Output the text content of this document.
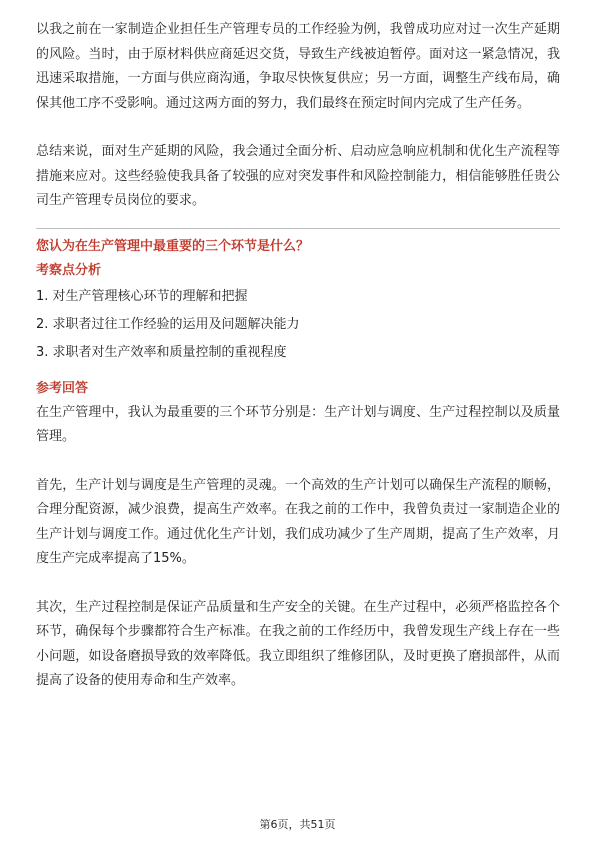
以我之前在一家制造企业担任生产管理专员的工作经验为例，我曾成功应对过一次生产延期的风险。当时，由于原材料供应商延迟交货，导致生产线被迫暂停。面对这一紧急情况，我迅速采取措施，一方面与供应商沟通，争取尽快恢复供应；另一方面，调整生产线布局，确保其他工序不受影响。通过这两方面的努力，我们最终在预定时间内完成了生产任务。

总结来说，面对生产延期的风险，我会通过全面分析、启动应急响应机制和优化生产流程等措施来应对。这些经验使我具备了较强的应对突发事件和风险控制能力，相信能够胜任贵公司生产管理专员岗位的要求。

您认为在生产管理中最重要的三个环节是什么？

考察点分析

1. 对生产管理核心环节的理解和把握
2. 求职者过往工作经验的运用及问题解决能力
3. 求职者对生产效率和质量控制的重视程度

参考回答

在生产管理中，我认为最重要的三个环节分别是：生产计划与调度、生产过程控制以及质量管理。

首先，生产计划与调度是生产管理的灵魂。一个高效的生产计划可以确保生产流程的顺畅，合理分配资源，减少浪费，提高生产效率。在我之前的工作中，我曾负责过一家制造企业的生产计划与调度工作。通过优化生产计划，我们成功减少了生产周期，提高了生产效率，月度生产完成率提高了15%。

其次，生产过程控制是保证产品质量和生产安全的关键。在生产过程中，必须严格监控各个环节，确保每个步骤都符合生产标准。在我之前的工作经历中，我曾发现生产线上存在一些小问题，如设备磨损导致的效率降低。我立即组织了维修团队，及时更换了磨损部件，从而提高了设备的使用寿命和生产效率。

第6页，共51页
